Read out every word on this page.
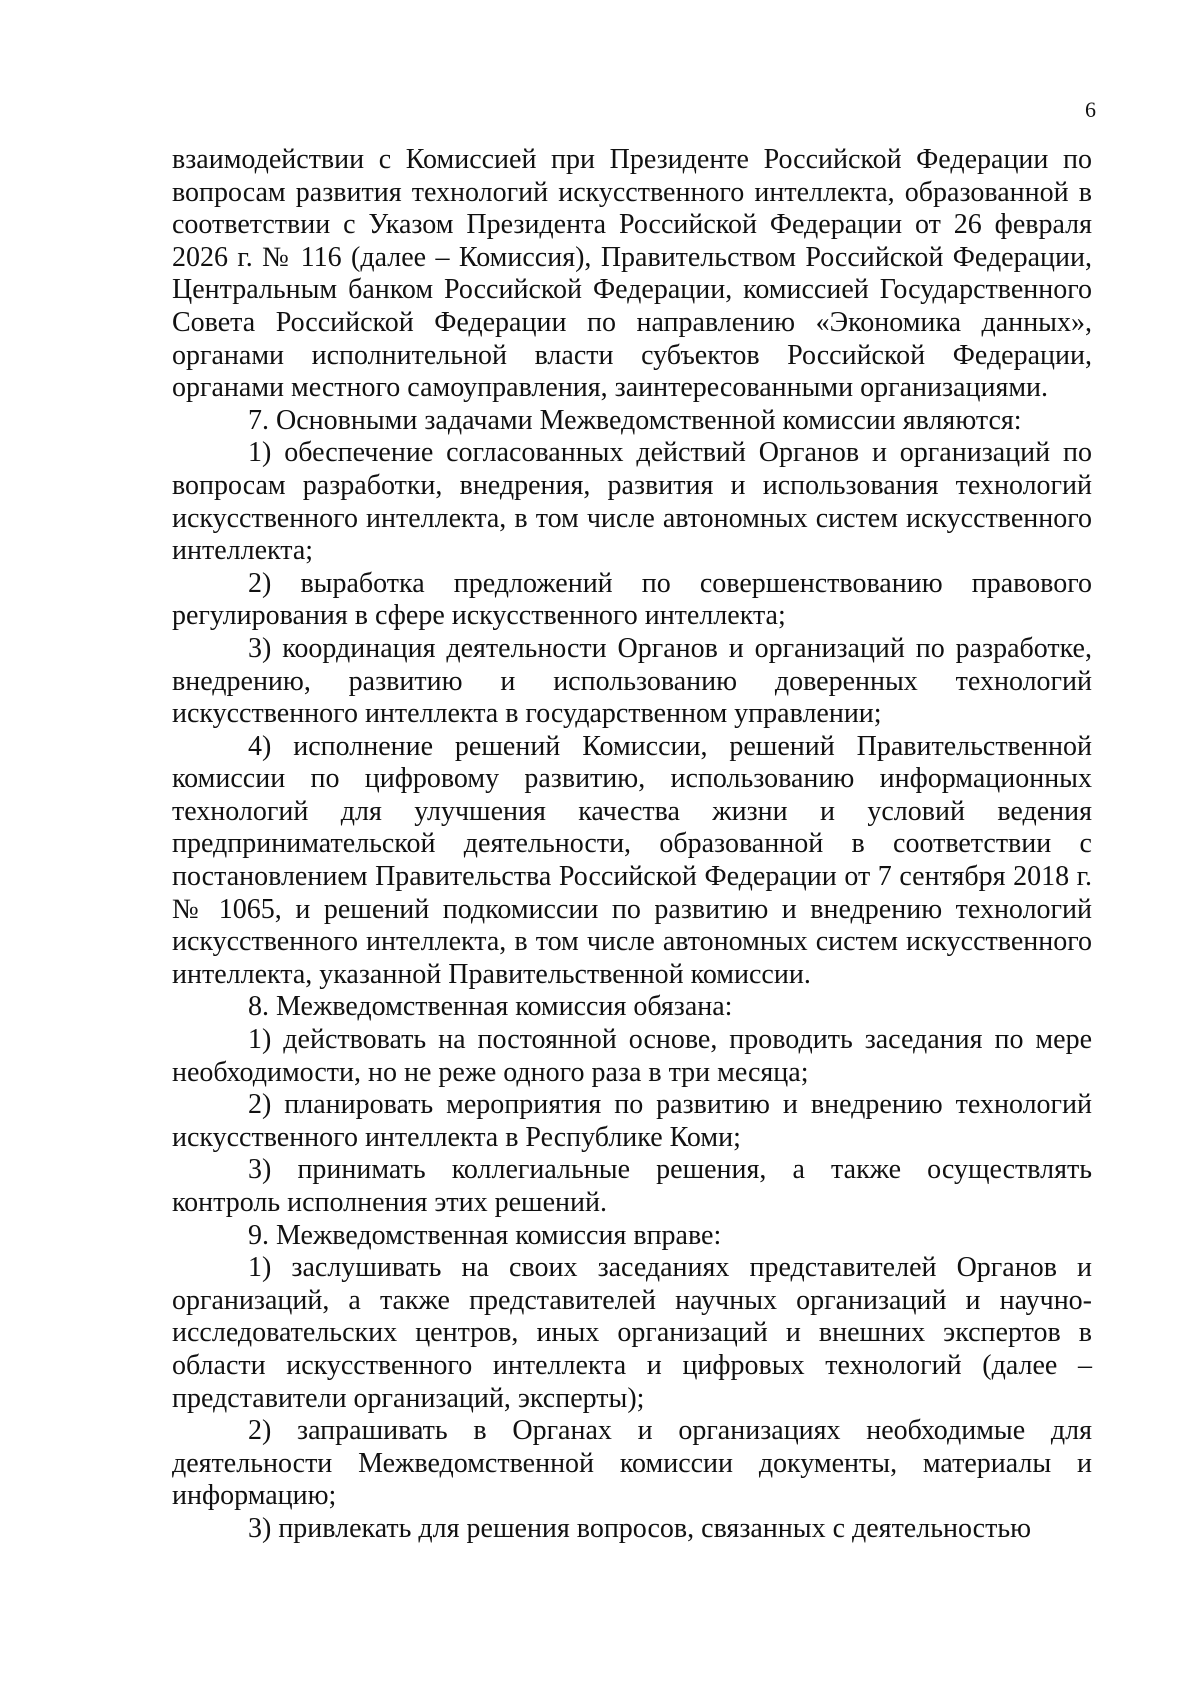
6

взаимодействии с Комиссией при Президенте Российской Федерации по вопросам развития технологий искусственного интеллекта, образованной в соответствии с Указом Президента Российской Федерации от 26 февраля 2026 г. № 116 (далее – Комиссия), Правительством Российской Федерации, Центральным банком Российской Федерации, комиссией Государственного Совета Российской Федерации по направлению «Экономика данных», органами исполнительной власти субъектов Российской Федерации, органами местного самоуправления, заинтересованными организациями.

7. Основными задачами Межведомственной комиссии являются:

1) обеспечение согласованных действий Органов и организаций по вопросам разработки, внедрения, развития и использования технологий искусственного интеллекта, в том числе автономных систем искусственного интеллекта;

2) выработка предложений по совершенствованию правового регулирования в сфере искусственного интеллекта;

3) координация деятельности Органов и организаций по разработке, внедрению, развитию и использованию доверенных технологий искусственного интеллекта в государственном управлении;

4) исполнение решений Комиссии, решений Правительственной комиссии по цифровому развитию, использованию информационных технологий для улучшения качества жизни и условий ведения предпринимательской деятельности, образованной в соответствии с постановлением Правительства Российской Федерации от 7 сентября 2018 г. № 1065, и решений подкомиссии по развитию и внедрению технологий искусственного интеллекта, в том числе автономных систем искусственного интеллекта, указанной Правительственной комиссии.

8. Межведомственная комиссия обязана:

1) действовать на постоянной основе, проводить заседания по мере необходимости, но не реже одного раза в три месяца;

2) планировать мероприятия по развитию и внедрению технологий искусственного интеллекта в Республике Коми;

3) принимать коллегиальные решения, а также осуществлять контроль исполнения этих решений.

9. Межведомственная комиссия вправе:

1) заслушивать на своих заседаниях представителей Органов и организаций, а также представителей научных организаций и научно-исследовательских центров, иных организаций и внешних экспертов в области искусственного интеллекта и цифровых технологий (далее – представители организаций, эксперты);

2) запрашивать в Органах и организациях необходимые для деятельности Межведомственной комиссии документы, материалы и информацию;

3) привлекать для решения вопросов, связанных с деятельностью
